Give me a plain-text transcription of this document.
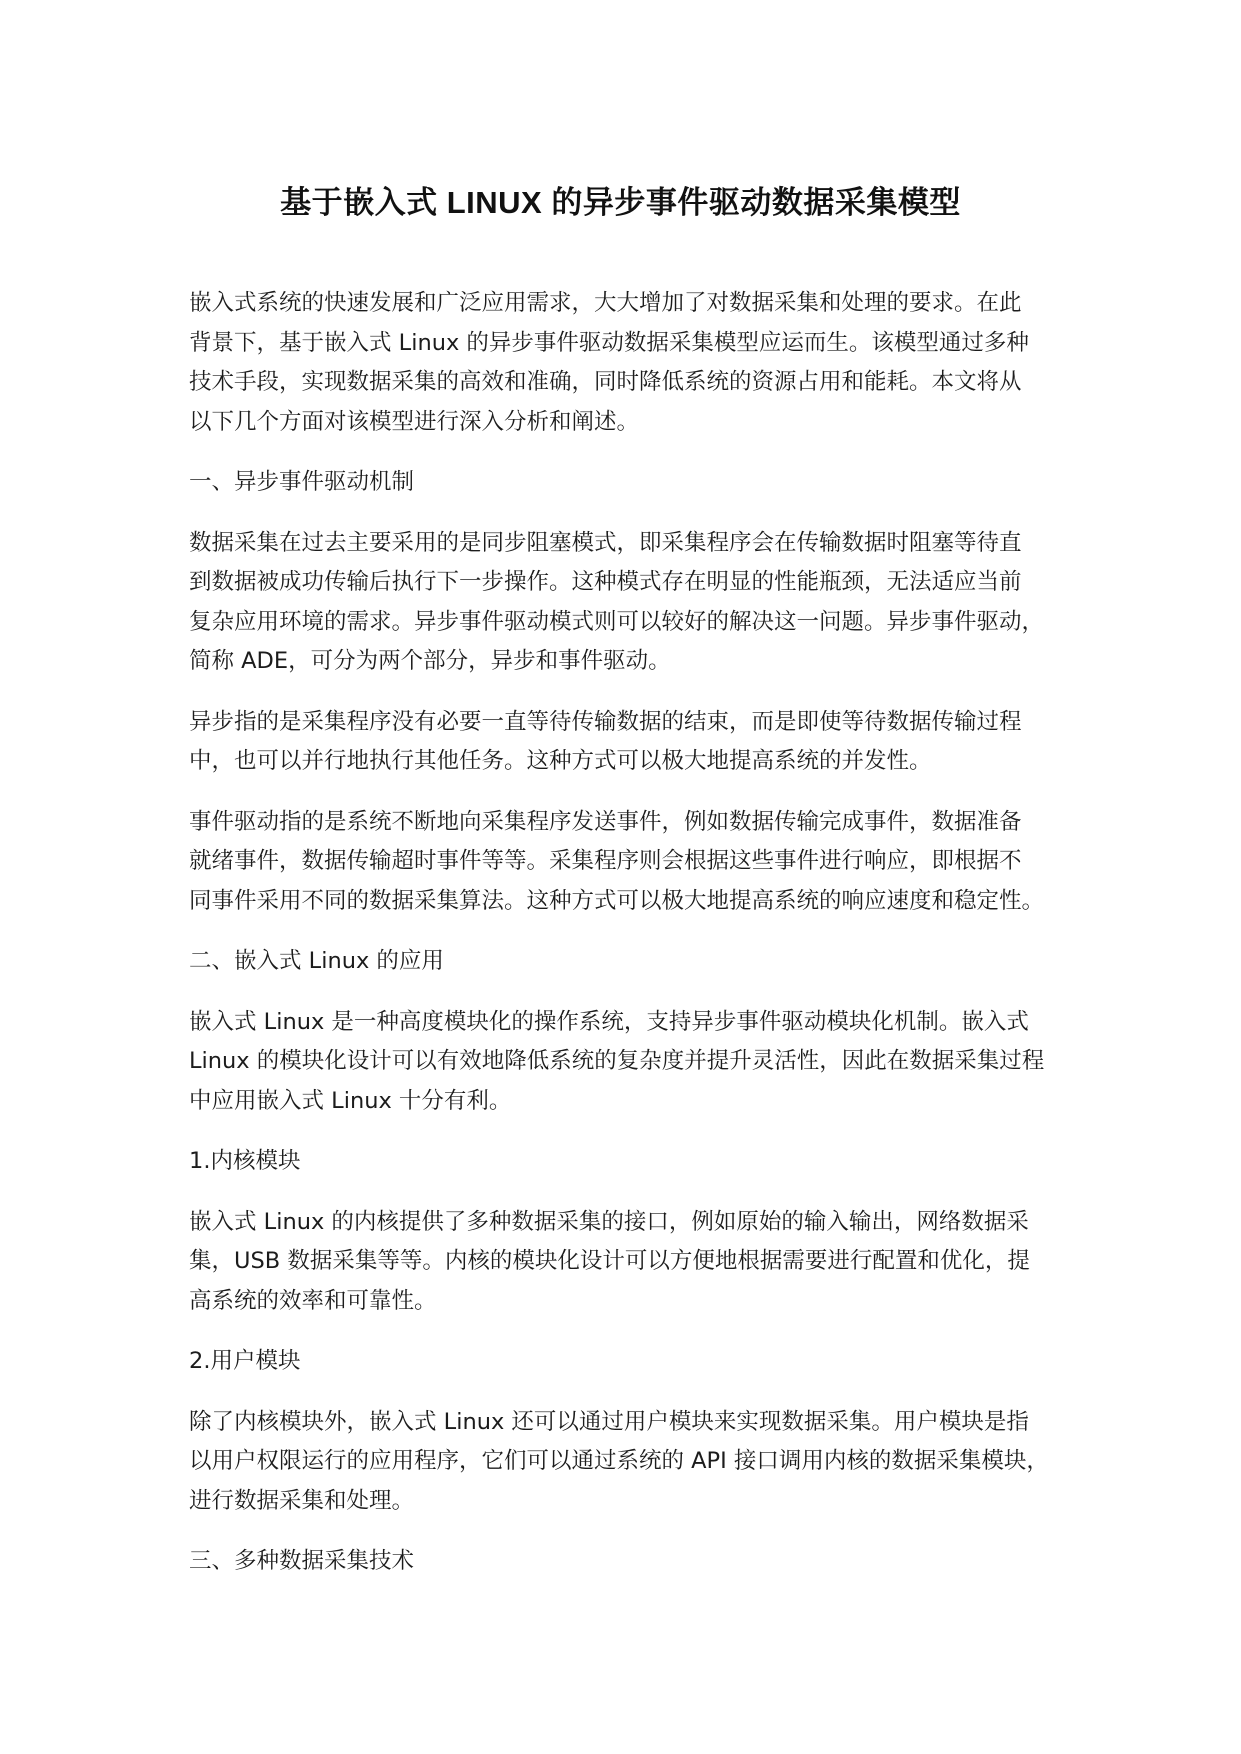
基于嵌入式 LINUX 的异步事件驱动数据采集模型

嵌入式系统的快速发展和广泛应用需求，大大增加了对数据采集和处理的要求。在此
背景下，基于嵌入式 Linux 的异步事件驱动数据采集模型应运而生。该模型通过多种
技术手段，实现数据采集的高效和准确，同时降低系统的资源占用和能耗。本文将从
以下几个方面对该模型进行深入分析和阐述。

一、异步事件驱动机制

数据采集在过去主要采用的是同步阻塞模式，即采集程序会在传输数据时阻塞等待直
到数据被成功传输后执行下一步操作。这种模式存在明显的性能瓶颈，无法适应当前
复杂应用环境的需求。异步事件驱动模式则可以较好的解决这一问题。异步事件驱动，
简称 ADE，可分为两个部分，异步和事件驱动。

异步指的是采集程序没有必要一直等待传输数据的结束，而是即使等待数据传输过程
中，也可以并行地执行其他任务。这种方式可以极大地提高系统的并发性。

事件驱动指的是系统不断地向采集程序发送事件，例如数据传输完成事件，数据准备
就绪事件，数据传输超时事件等等。采集程序则会根据这些事件进行响应，即根据不
同事件采用不同的数据采集算法。这种方式可以极大地提高系统的响应速度和稳定性。

二、嵌入式 Linux 的应用

嵌入式 Linux 是一种高度模块化的操作系统，支持异步事件驱动模块化机制。嵌入式
Linux 的模块化设计可以有效地降低系统的复杂度并提升灵活性，因此在数据采集过程
中应用嵌入式 Linux 十分有利。

1.内核模块

嵌入式 Linux 的内核提供了多种数据采集的接口，例如原始的输入输出，网络数据采
集，USB 数据采集等等。内核的模块化设计可以方便地根据需要进行配置和优化，提
高系统的效率和可靠性。

2.用户模块

除了内核模块外，嵌入式 Linux 还可以通过用户模块来实现数据采集。用户模块是指
以用户权限运行的应用程序，它们可以通过系统的 API 接口调用内核的数据采集模块，
进行数据采集和处理。

三、多种数据采集技术
